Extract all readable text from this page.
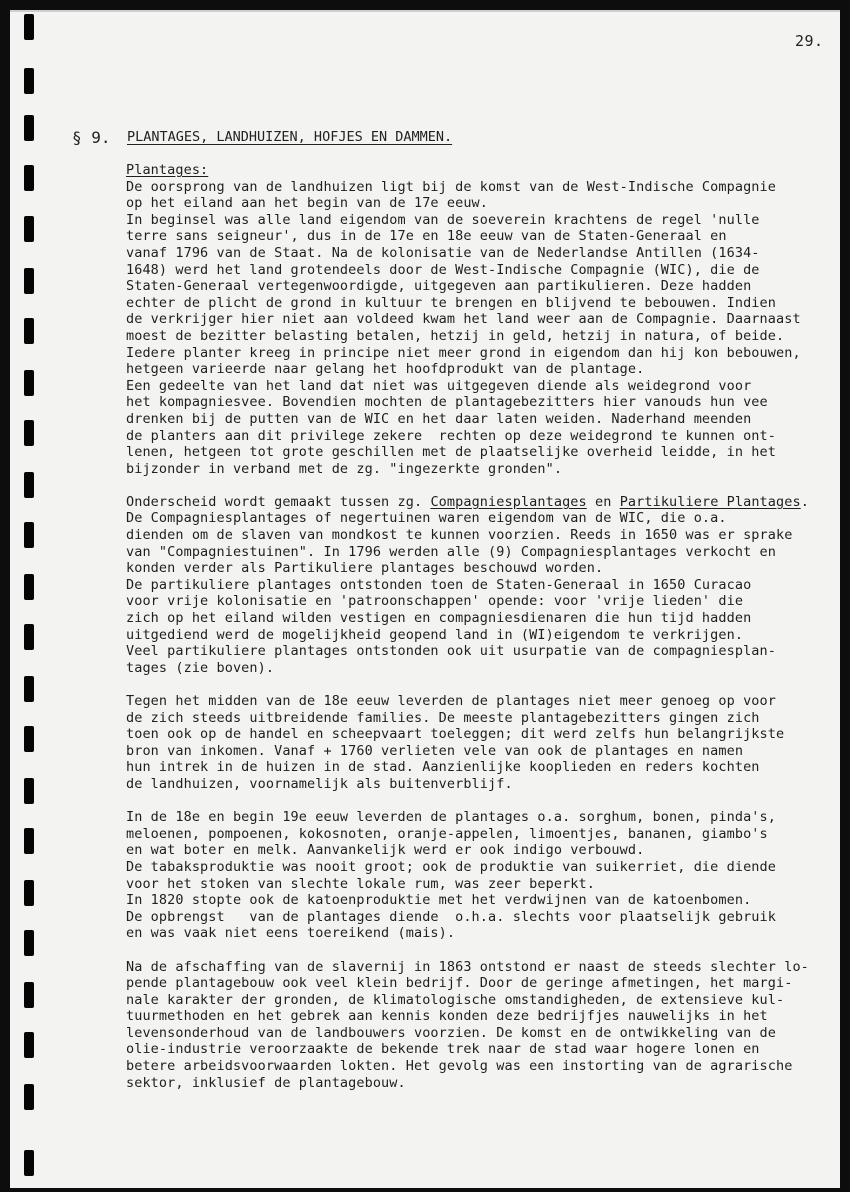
29.
§ 9. PLANTAGES, LANDHUIZEN, HOFJES EN DAMMEN.
Plantages:
De oorsprong van de landhuizen ligt bij de komst van de West-Indische Compagnie
op het eiland aan het begin van de 17e eeuw.
In beginsel was alle land eigendom van de soeverein krachtens de regel 'nulle
terre sans seigneur', dus in de 17e en 18e eeuw van de Staten-Generaal en
vanaf 1796 van de Staat. Na de kolonisatie van de Nederlandse Antillen (1634-
1648) werd het land grotendeels door de West-Indische Compagnie (WIC), die de
Staten-Generaal vertegenwoordigde, uitgegeven aan partikulieren. Deze hadden
echter de plicht de grond in kultuur te brengen en blijvend te bebouwen. Indien
de verkrijger hier niet aan voldeed kwam het land weer aan de Compagnie. Daarnaast
moest de bezitter belasting betalen, hetzij in geld, hetzij in natura, of beide.
Iedere planter kreeg in principe niet meer grond in eigendom dan hij kon bebouwen,
hetgeen varieerde naar gelang het hoofdprodukt van de plantage.
Een gedeelte van het land dat niet was uitgegeven diende als weidegrond voor
het kompagniesvee. Bovendien mochten de plantagebezitters hier vanouds hun vee
drenken bij de putten van de WIC en het daar laten weiden. Naderhand meenden
de planters aan dit privilege zekere  rechten op deze weidegrond te kunnen ont-
lenen, hetgeen tot grote geschillen met de plaatselijke overheid leidde, in het
bijzonder in verband met de zg. "ingezerkte gronden".
Onderscheid wordt gemaakt tussen zg. Compagniesplantages en Partikuliere Plantages.
De Compagniesplantages of negertuinen waren eigendom van de WIC, die o.a.
dienden om de slaven van mondkost te kunnen voorzien. Reeds in 1650 was er sprake
van "Compagniestuinen". In 1796 werden alle (9) Compagniesplantages verkocht en
konden verder als Partikuliere plantages beschouwd worden.
De partikuliere plantages ontstonden toen de Staten-Generaal in 1650 Curacao
voor vrije kolonisatie en 'patroonschappen' opende: voor 'vrije lieden' die
zich op het eiland wilden vestigen en compagniesdienaren die hun tijd hadden
uitgediend werd de mogelijkheid geopend land in (WI)eigendom te verkrijgen.
Veel partikuliere plantages ontstonden ook uit usurpatie van de compagniesplan-
tages (zie boven).
Tegen het midden van de 18e eeuw leverden de plantages niet meer genoeg op voor
de zich steeds uitbreidende families. De meeste plantagebezitters gingen zich
toen ook op de handel en scheepvaart toeleggen; dit werd zelfs hun belangrijkste
bron van inkomen. Vanaf + 1760 verlieten vele van ook de plantages en namen
hun intrek in de huizen in de stad. Aanzienlijke kooplieden en reders kochten
de landhuizen, voornamelijk als buitenverblijf.
In de 18e en begin 19e eeuw leverden de plantages o.a. sorghum, bonen, pinda's,
meloenen, pompoenen, kokosnoten, oranje-appelen, limoentjes, bananen, giambo's
en wat boter en melk. Aanvankelijk werd er ook indigo verbouwd.
De tabaksproduktie was nooit groot; ook de produktie van suikerriet, die diende
voor het stoken van slechte lokale rum, was zeer beperkt.
In 1820 stopte ook de katoenproduktie met het verdwijnen van de katoenbomen.
De opbrengst   van de plantages diende  o.h.a. slechts voor plaatselijk gebruik
en was vaak niet eens toereikend (mais).
Na de afschaffing van de slavernij in 1863 ontstond er naast de steeds slechter lo-
pende plantagebouw ook veel klein bedrijf. Door de geringe afmetingen, het margi-
nale karakter der gronden, de klimatologische omstandigheden, de extensieve kul-
tuurmethoden en het gebrek aan kennis konden deze bedrijfjes nauwelijks in het
levensonderhoud van de landbouwers voorzien. De komst en de ontwikkeling van de
olie-industrie veroorzaakte de bekende trek naar de stad waar hogere lonen en
betere arbeidsvoorwaarden lokten. Het gevolg was een instorting van de agrarische
sektor, inklusief de plantagebouw.
